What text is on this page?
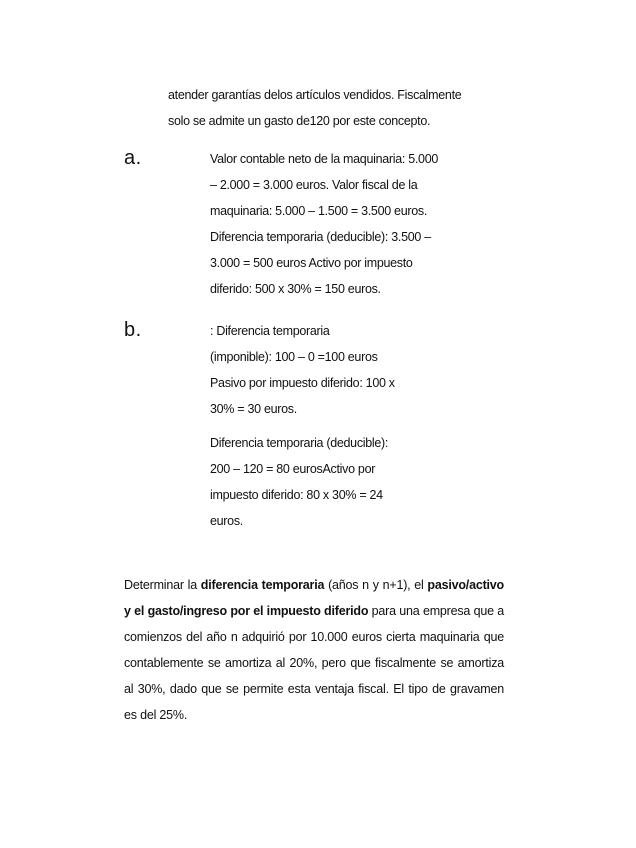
atender garantías delos artículos vendidos. Fiscalmente

solo se admite un gasto de120 por este concepto.

a.	Valor contable neto de la maquinaria: 5.000

– 2.000 = 3.000 euros. Valor fiscal de la

maquinaria: 5.000 – 1.500 = 3.500 euros.

Diferencia temporaria (deducible): 3.500 –

3.000 = 500 euros Activo por impuesto

diferido: 500 x 30% = 150 euros.

b.	: Diferencia temporaria

(imponible): 100 – 0 =100 euros

Pasivo por impuesto diferido: 100 x

30% = 30 euros.

Diferencia temporaria (deducible):

200 – 120 = 80 eurosActivo por

impuesto diferido: 80 x 30% = 24

euros.

Determinar la diferencia temporaria (años n y n+1), el pasivo/activo y el gasto/ingreso por el impuesto diferido para una empresa que a comienzos del año n adquirió por 10.000 euros cierta maquinaria que contablemente se amortiza al 20%, pero que fiscalmente se amortiza al 30%, dado que se permite esta ventaja fiscal. El tipo de gravamen es del 25%.
